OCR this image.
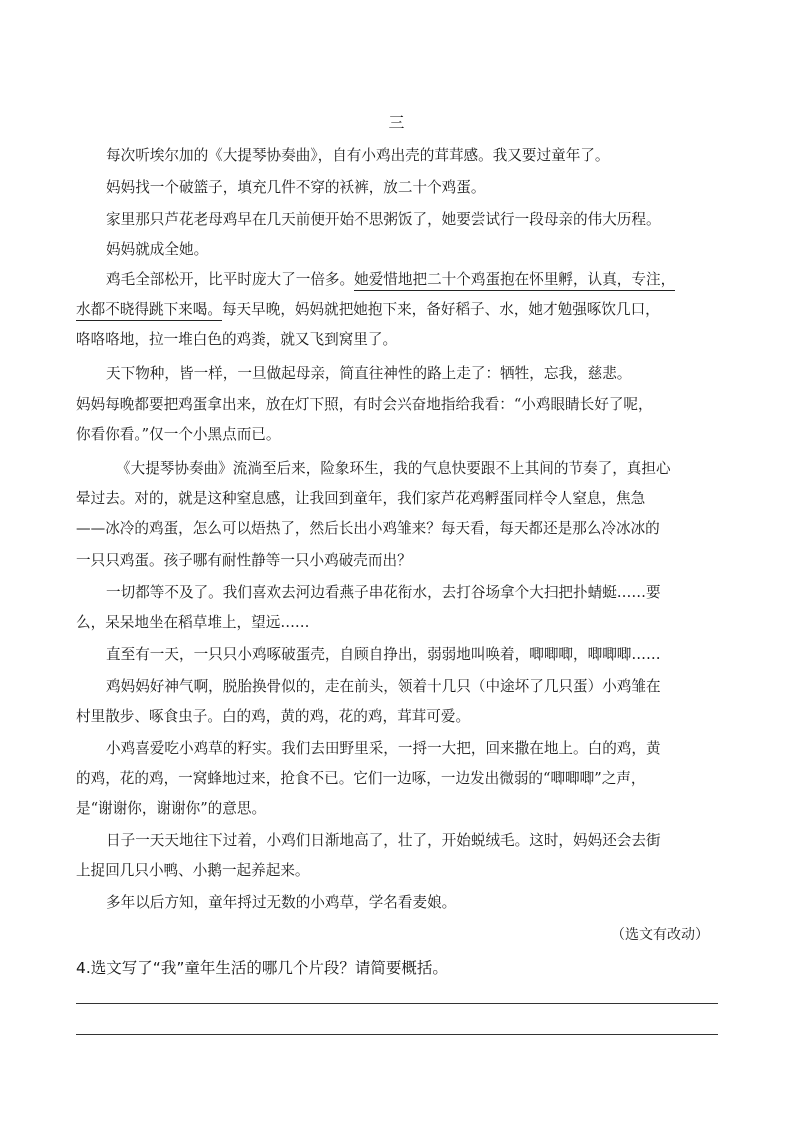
三
每次听埃尔加的《大提琴协奏曲》，自有小鸡出壳的茸茸感。我又要过童年了。
妈妈找一个破篮子，填充几件不穿的袄裤，放二十个鸡蛋。
家里那只芦花老母鸡早在几天前便开始不思粥饭了，她要尝试行一段母亲的伟大历程。
妈妈就成全她。
鸡毛全部松开，比平时庞大了一倍多。她爱惜地把二十个鸡蛋抱在怀里孵，认真，专注，
水都不晓得跳下来喝。每天早晚，妈妈就把她抱下来，备好稻子、水，她才勉强啄饮几口，
咯咯咯地，拉一堆白色的鸡粪，就又飞到窝里了。
天下物种，皆一样，一旦做起母亲，简直往神性的路上走了：牺牲，忘我，慈悲。
妈妈每晚都要把鸡蛋拿出来，放在灯下照，有时会兴奋地指给我看：“小鸡眼睛长好了呢，
你看你看。”仅一个小黑点而已。
《大提琴协奏曲》流淌至后来，险象环生，我的气息快要跟不上其间的节奏了，真担心
晕过去。对的，就是这种窒息感，让我回到童年，我们家芦花鸡孵蛋同样令人窒息，焦急
——冰冷的鸡蛋，怎么可以焐热了，然后长出小鸡雏来？每天看，每天都还是那么冷冰冰的
一只只鸡蛋。孩子哪有耐性静等一只小鸡破壳而出？
一切都等不及了。我们喜欢去河边看燕子串花衔水，去打谷场拿个大扫把扑蜻蜓……要
么，呆呆地坐在稻草堆上，望远……
直至有一天，一只只小鸡啄破蛋壳，自顾自挣出，弱弱地叫唤着，唧唧唧，唧唧唧……
鸡妈妈好神气啊，脱胎换骨似的，走在前头，领着十几只（中途坏了几只蛋）小鸡雏在
村里散步、啄食虫子。白的鸡，黄的鸡，花的鸡，茸茸可爱。
小鸡喜爱吃小鸡草的籽实。我们去田野里采，一捋一大把，回来撒在地上。白的鸡，黄
的鸡，花的鸡，一窝蜂地过来，抢食不已。它们一边啄，一边发出微弱的“唧唧唧”之声，
是“谢谢你，谢谢你”的意思。
日子一天天地往下过着，小鸡们日渐地高了，壮了，开始蜕绒毛。这时，妈妈还会去街
上捉回几只小鸭、小鹅一起养起来。
多年以后方知，童年捋过无数的小鸡草，学名看麦娘。
（选文有改动）
4.选文写了“我”童年生活的哪几个片段？请简要概括。
